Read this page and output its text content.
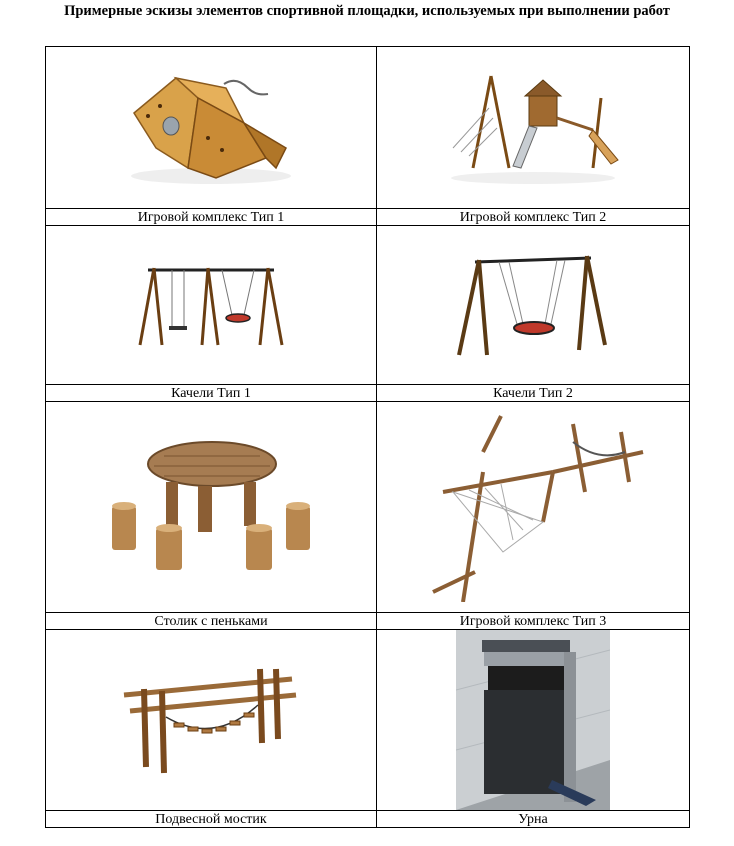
Примерные эскизы элементов спортивной площадки, используемых при выполнении работ

Игровой комплекс Тип 1	Игровой комплекс Тип 2

Качели Тип 1	Качели Тип 2

Столик с пеньками	Игровой комплекс Тип 3

Подвесной мостик	Урна
